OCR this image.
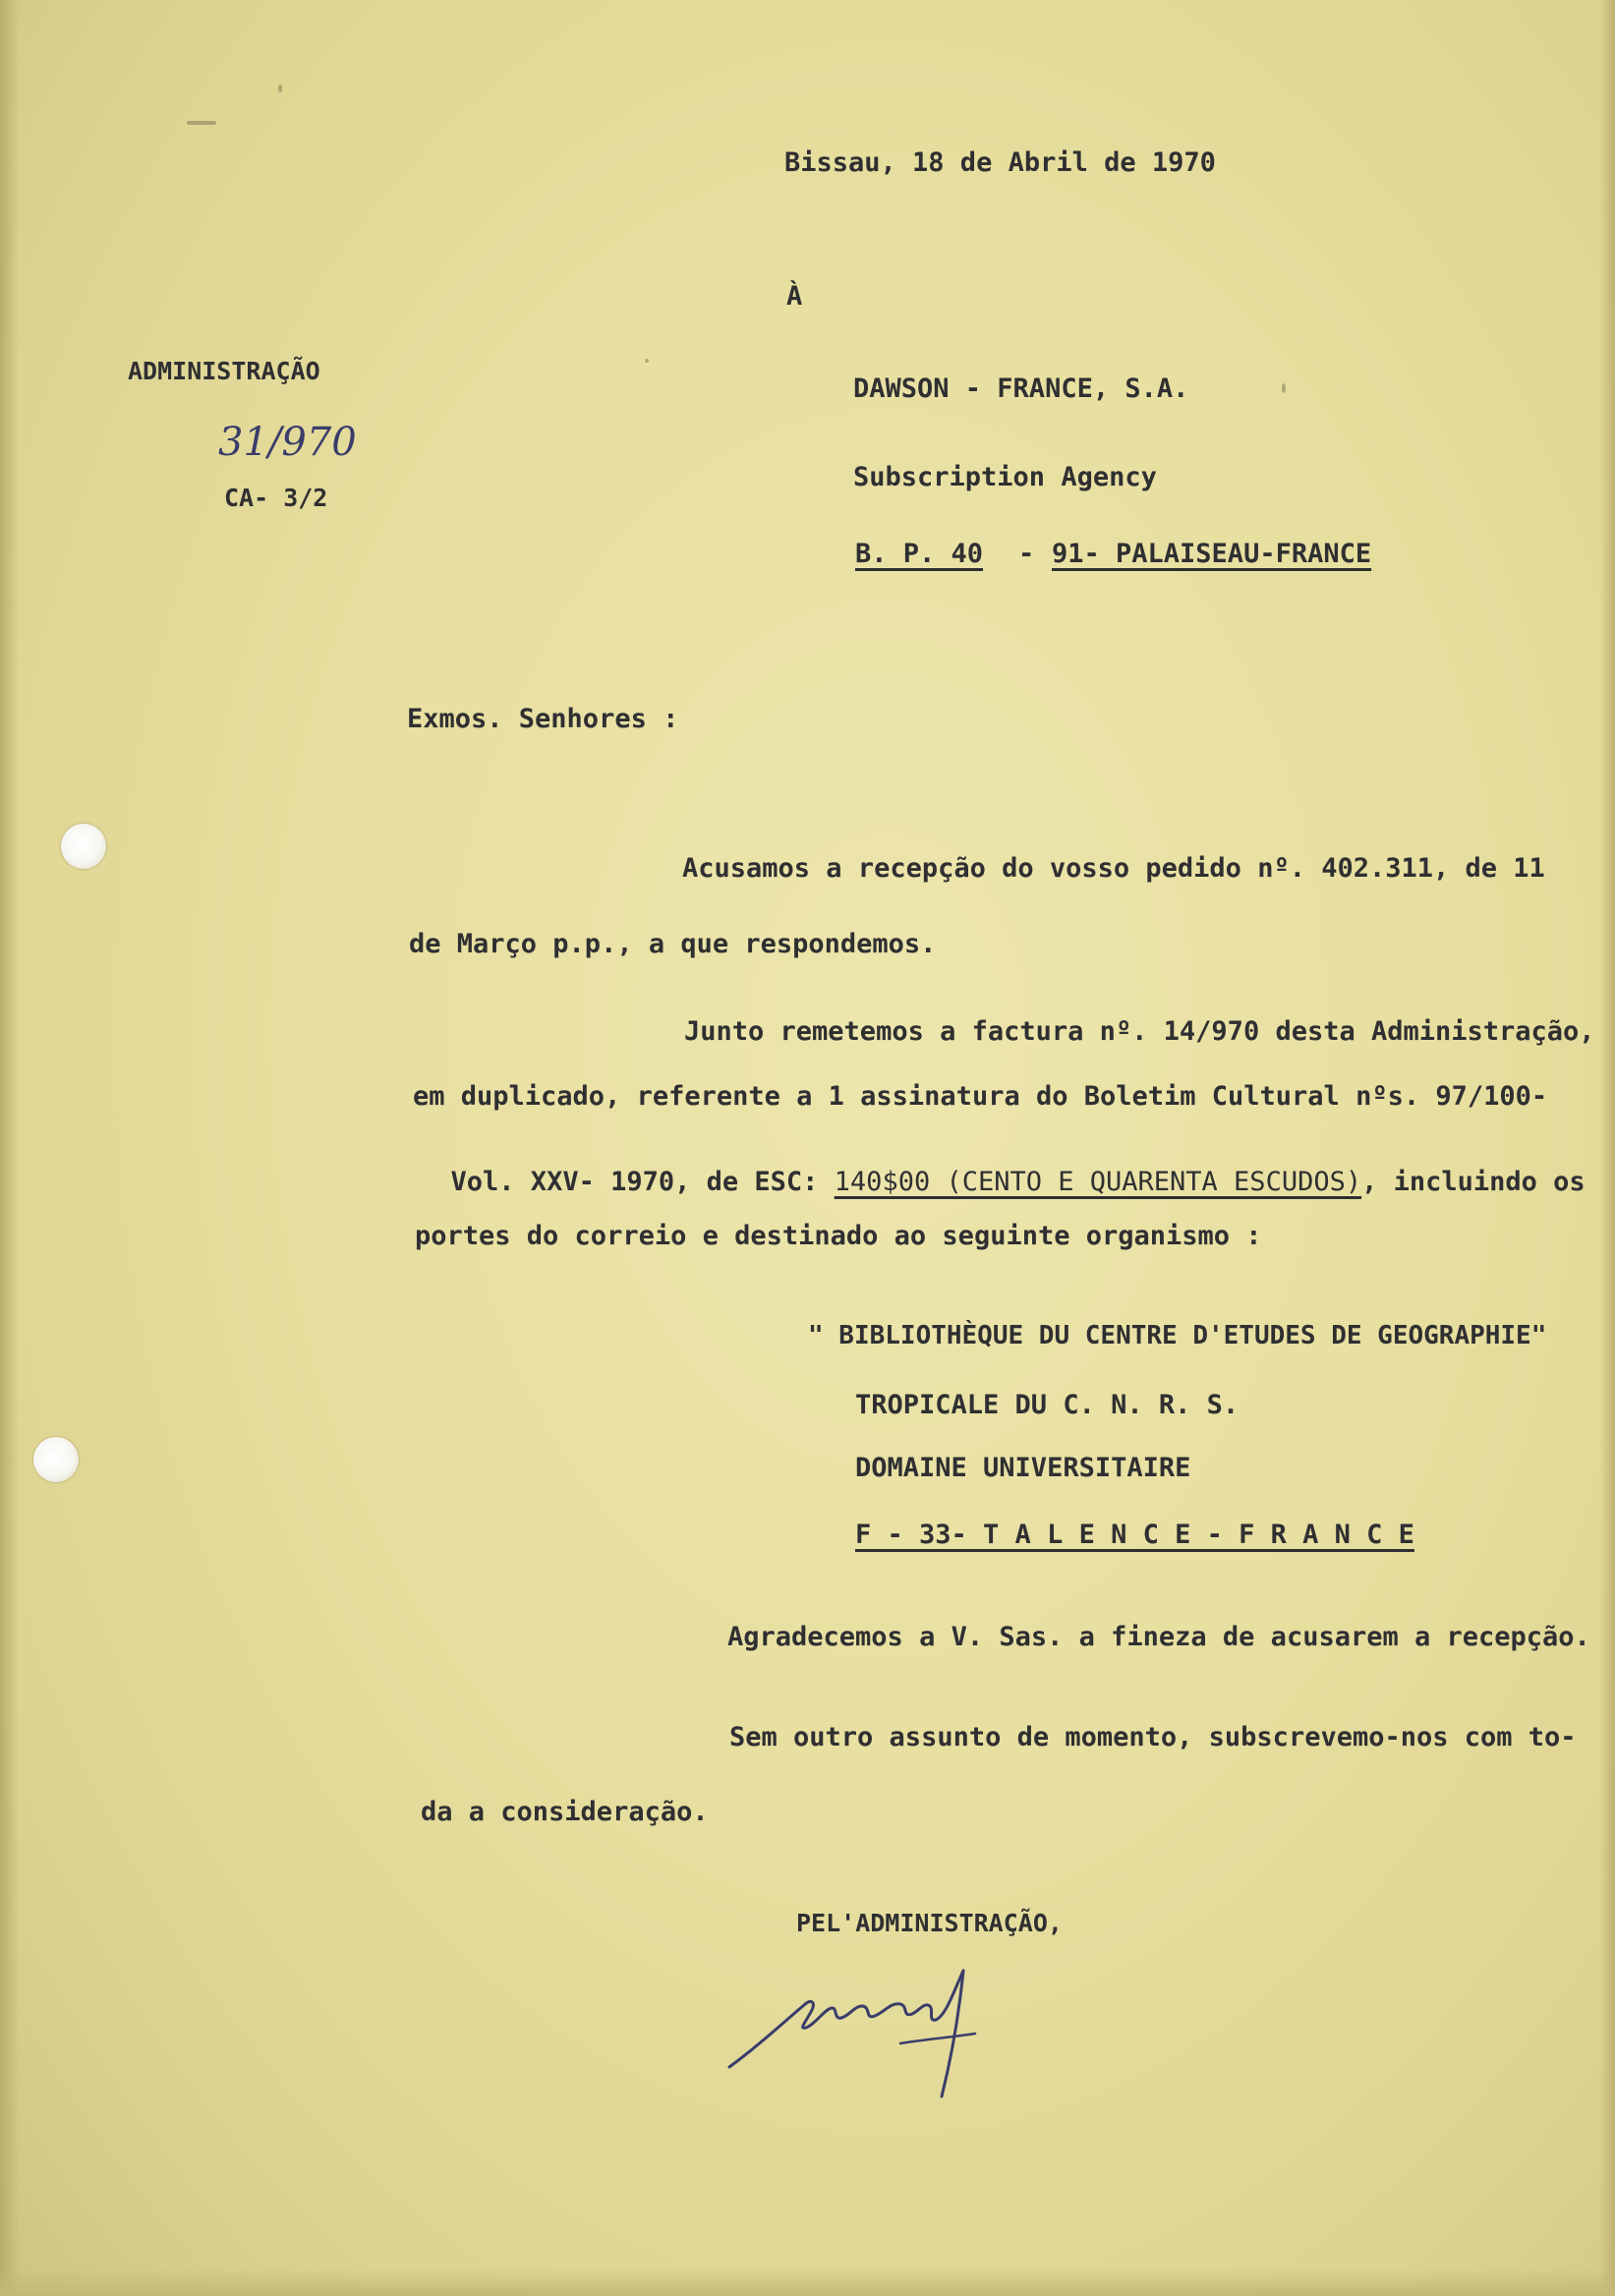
Bissau, 18 de Abril de 1970
À
ADMINISTRAÇÃO
31/970
CA- 3/2
DAWSON - FRANCE, S.A.
Subscription Agency
B. P. 40 - 91- PALAISEAU-FRANCE
Exmos. Senhores :
Acusamos a recepção do vosso pedido nº. 402.311, de 11
de Março p.p., a que respondemos.
Junto remetemos a factura nº. 14/970 desta Administração,
em duplicado, referente a 1 assinatura do Boletim Cultural nºs. 97/100-

Vol. XXV- 1970, de ESC: 140$00 (CENTO E QUARENTA ESCUDOS), incluindo os

portes do correio e destinado ao seguinte organismo :
" BIBLIOTHÈQUE DU CENTRE D'ETUDES DE GEOGRAPHIE"
TROPICALE DU C. N. R. S.
DOMAINE UNIVERSITAIRE
F - 33- T A L E N C E - F R A N C E
Agradecemos a V. Sas. a fineza de acusarem a recepção.
Sem outro assunto de momento, subscrevemo-nos com to-
da a consideração.
PEL'ADMINISTRAÇÃO,
